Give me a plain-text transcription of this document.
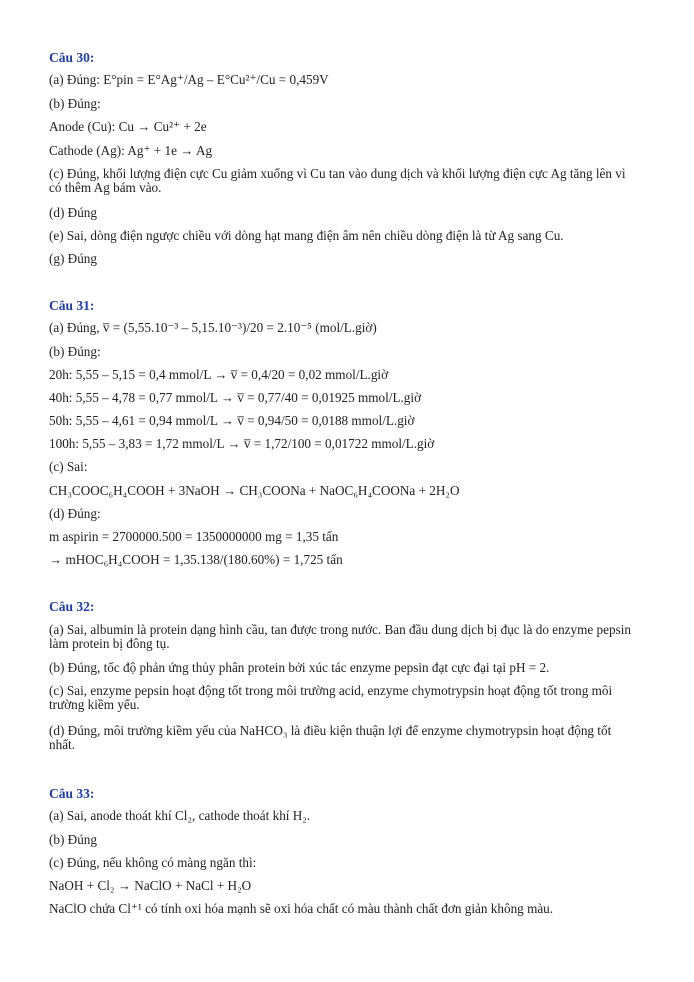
Câu 30:
(a) Đúng: E°pin = E°Ag⁺/Ag – E°Cu²⁺/Cu = 0,459V
(b) Đúng:
Anode (Cu): Cu → Cu²⁺ + 2e
Cathode (Ag): Ag⁺ + 1e → Ag
(c) Đúng, khối lượng điện cực Cu giảm xuống vì Cu tan vào dung dịch và khối lượng điện cực Ag tăng lên vì có thêm Ag bám vào.
(d) Đúng
(e) Sai, dòng điện ngược chiều với dòng hạt mang điện âm nên chiều dòng điện là từ Ag sang Cu.
(g) Đúng
Câu 31:
(a) Đúng, v̅ = (5,55.10⁻³ – 5,15.10⁻³)/20 = 2.10⁻⁵ (mol/L.giờ)
(b) Đúng:
20h: 5,55 – 5,15 = 0,4 mmol/L → v̅ = 0,4/20 = 0,02 mmol/L.giờ
40h: 5,55 – 4,78 = 0,77 mmol/L → v̅ = 0,77/40 = 0,01925 mmol/L.giờ
50h: 5,55 – 4,61 = 0,94 mmol/L → v̅ = 0,94/50 = 0,0188 mmol/L.giờ
100h: 5,55 – 3,83 = 1,72 mmol/L → v̅ = 1,72/100 = 0,01722 mmol/L.giờ
(c) Sai:
CH₃COOC₆H₄COOH + 3NaOH → CH₃COONa + NaOC₆H₄COONa + 2H₂O
(d) Đúng:
m aspirin = 2700000.500 = 1350000000 mg = 1,35 tấn
→ mHOC₆H₄COOH = 1,35.138/(180.60%) = 1,725 tấn
Câu 32:
(a) Sai, albumin là protein dạng hình cầu, tan được trong nước. Ban đầu dung dịch bị đục là do enzyme pepsin làm protein bị đông tụ.
(b) Đúng, tốc độ phản ứng thủy phân protein bởi xúc tác enzyme pepsin đạt cực đại tại pH = 2.
(c) Sai, enzyme pepsin hoạt động tốt trong môi trường acid, enzyme chymotrypsin hoạt động tốt trong môi trường kiềm yếu.
(d) Đúng, môi trường kiềm yếu của NaHCO₃ là điều kiện thuận lợi để enzyme chymotrypsin hoạt động tốt nhất.
Câu 33:
(a) Sai, anode thoát khí Cl₂, cathode thoát khí H₂.
(b) Đúng
(c) Đúng, nếu không có màng ngăn thì:
NaOH + Cl₂ → NaClO + NaCl + H₂O
NaClO chứa Cl⁺¹ có tính oxi hóa mạnh sẽ oxi hóa chất có màu thành chất đơn giản không màu.
